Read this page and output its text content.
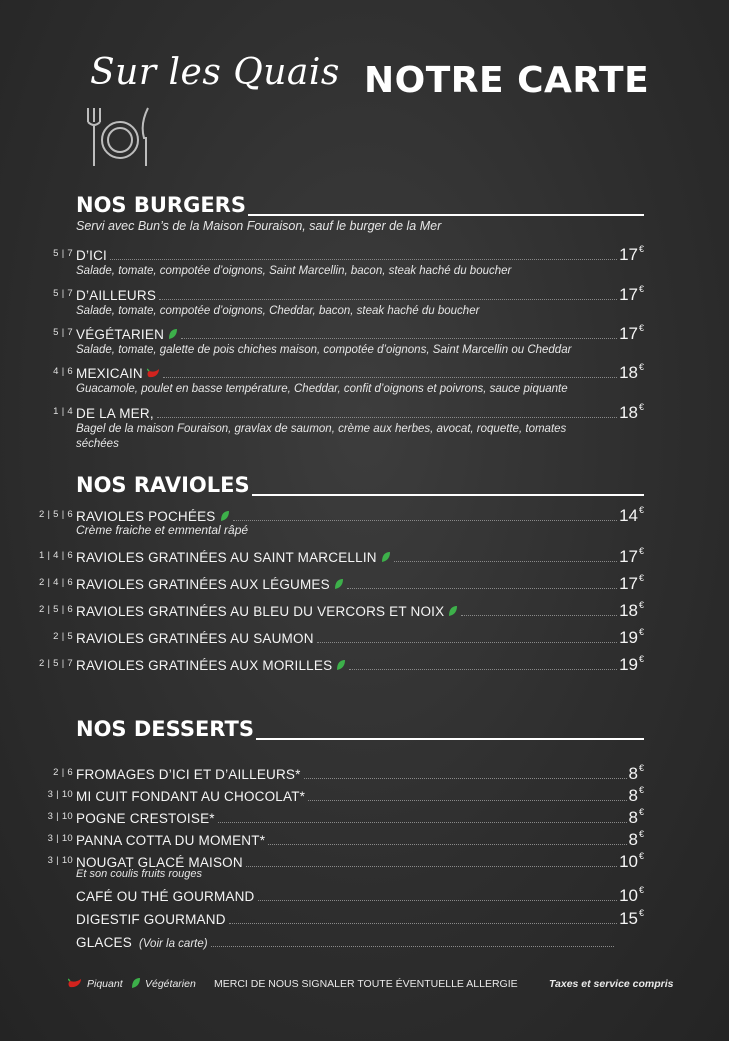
Sur les Quais NOTRE CARTE
NOS BURGERS
Servi avec Bun’s de la Maison Fouraison, sauf le burger de la Mer
5 | 7 D’ICI	17€
Salade, tomate, compotée d’oignons, Saint Marcellin, bacon, steak haché du boucher
5 | 7 D’AILLEURS	17€
Salade, tomate, compotée d’oignons, Cheddar, bacon, steak haché du boucher
5 | 7 VÉGÉTARIEN	17€
Salade, tomate, galette de pois chiches maison, compotée d’oignons, Saint Marcellin ou Cheddar
4 | 6 MEXICAIN	18€
Guacamole, poulet en basse température, Cheddar, confit d’oignons et poivrons, sauce piquante
1 | 4 DE LA MER,	18€
Bagel de la maison Fouraison, gravlax de saumon, crème aux herbes, avocat, roquette, tomates séchées
NOS RAVIOLES
2 | 5 | 6 RAVIOLES POCHÉES	14€
Crème fraiche et emmental râpé
1 | 4 | 6 RAVIOLES GRATINÉES AU SAINT MARCELLIN	17€
2 | 4 | 6 RAVIOLES GRATINÉES AUX LÉGUMES	17€
2 | 5 | 6 RAVIOLES GRATINÉES AU BLEU DU VERCORS ET NOIX	18€
2 | 5 RAVIOLES GRATINÉES AU SAUMON	19€
2 | 5 | 7 RAVIOLES GRATINÉES AUX MORILLES	19€
NOS DESSERTS
2 | 6 FROMAGES D’ICI ET D’AILLEURS*	8€
3 | 10 MI CUIT FONDANT AU CHOCOLAT*	8€
3 | 10 POGNE CRESTOISE*	8€
3 | 10 PANNA COTTA DU MOMENT*	8€
3 | 10 NOUGAT GLACÉ MAISON	10€
Et son coulis fruits rouges
CAFÉ OU THÉ GOURMAND	10€
DIGESTIF GOURMAND	15€
GLACES (Voir la carte)
Piquant Végétarien MERCI DE NOUS SIGNALER TOUTE ÉVENTUELLE ALLERGIE	Taxes et service compris
